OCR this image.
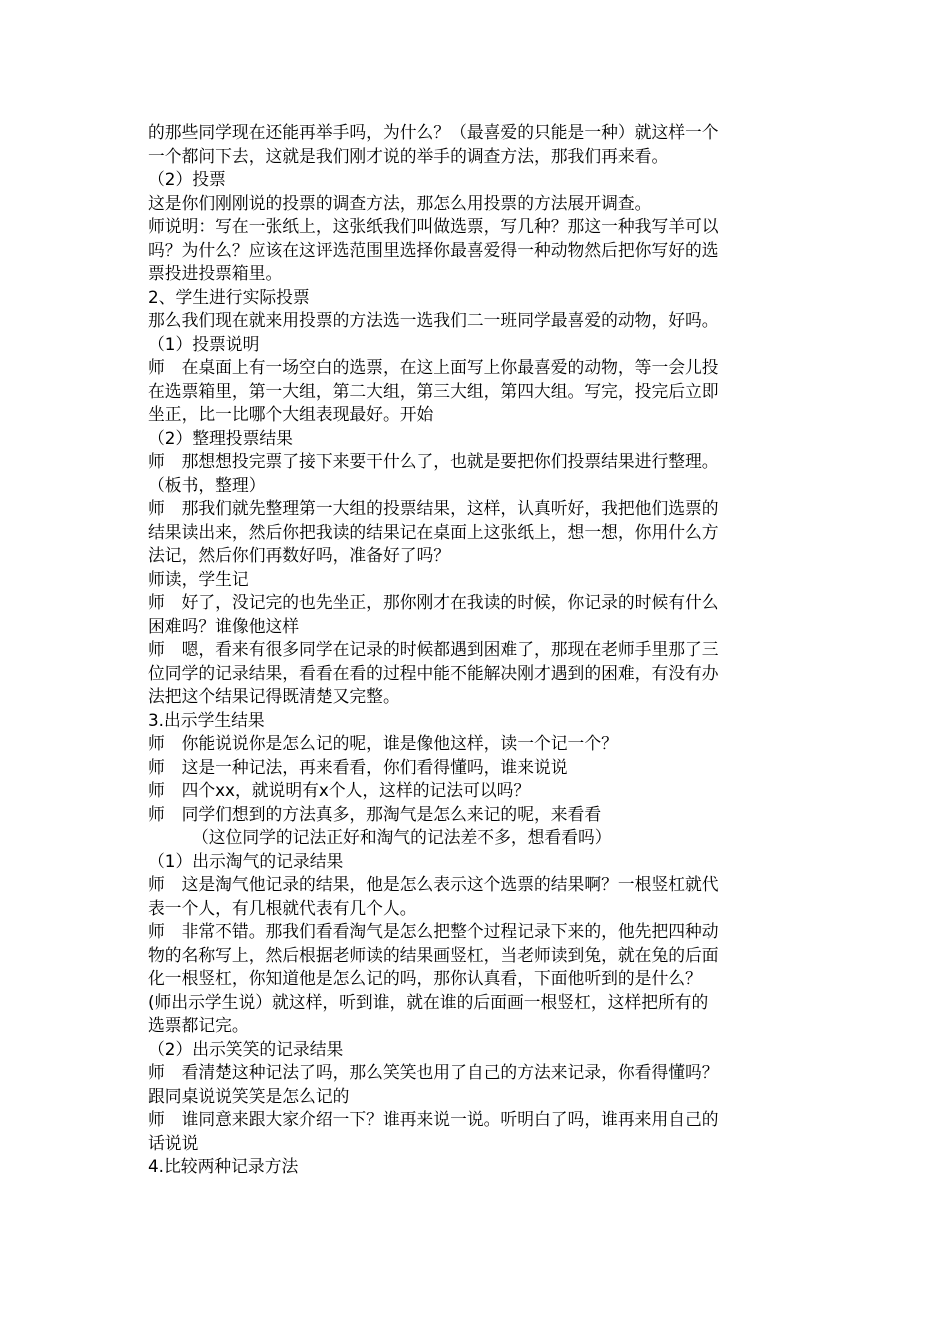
的那些同学现在还能再举手吗，为什么？（最喜爱的只能是一种）就这样一个
一个都问下去，这就是我们刚才说的举手的调查方法，那我们再来看。
（2）投票
这是你们刚刚说的投票的调查方法，那怎么用投票的方法展开调查。
师说明：写在一张纸上，这张纸我们叫做选票，写几种？那这一种我写羊可以
吗？为什么？应该在这评选范围里选择你最喜爱得一种动物然后把你写好的选
票投进投票箱里。
2、学生进行实际投票
那么我们现在就来用投票的方法选一选我们二一班同学最喜爱的动物，好吗。
（1）投票说明
师　在桌面上有一场空白的选票，在这上面写上你最喜爱的动物，等一会儿投
在选票箱里，第一大组，第二大组，第三大组，第四大组。写完，投完后立即
坐正，比一比哪个大组表现最好。开始
（2）整理投票结果
师　那想想投完票了接下来要干什么了，也就是要把你们投票结果进行整理。
（板书，整理）
师　那我们就先整理第一大组的投票结果，这样，认真听好，我把他们选票的
结果读出来，然后你把我读的结果记在桌面上这张纸上，想一想，你用什么方
法记，然后你们再数好吗，准备好了吗？
师读，学生记
师　好了，没记完的也先坐正，那你刚才在我读的时候，你记录的时候有什么
困难吗？谁像他这样
师　嗯，看来有很多同学在记录的时候都遇到困难了，那现在老师手里那了三
位同学的记录结果，看看在看的过程中能不能解决刚才遇到的困难，有没有办
法把这个结果记得既清楚又完整。
3.出示学生结果
师　你能说说你是怎么记的呢，谁是像他这样，读一个记一个？
师　这是一种记法，再来看看，你们看得懂吗，谁来说说
师　四个xx，就说明有x个人，这样的记法可以吗？
师　同学们想到的方法真多，那淘气是怎么来记的呢，来看看
（这位同学的记法正好和淘气的记法差不多，想看看吗）
（1）出示淘气的记录结果
师　这是淘气他记录的结果，他是怎么表示这个选票的结果啊？一根竖杠就代
表一个人，有几根就代表有几个人。
师　非常不错。那我们看看淘气是怎么把整个过程记录下来的，他先把四种动
物的名称写上，然后根据老师读的结果画竖杠，当老师读到兔，就在兔的后面
化一根竖杠，你知道他是怎么记的吗，那你认真看，下面他听到的是什么？
(师出示学生说）就这样，听到谁，就在谁的后面画一根竖杠，这样把所有的
选票都记完。
（2）出示笑笑的记录结果
师　看清楚这种记法了吗，那么笑笑也用了自己的方法来记录，你看得懂吗？
跟同桌说说笑笑是怎么记的
师　谁同意来跟大家介绍一下？谁再来说一说。听明白了吗，谁再来用自己的
话说说
4.比较两种记录方法
